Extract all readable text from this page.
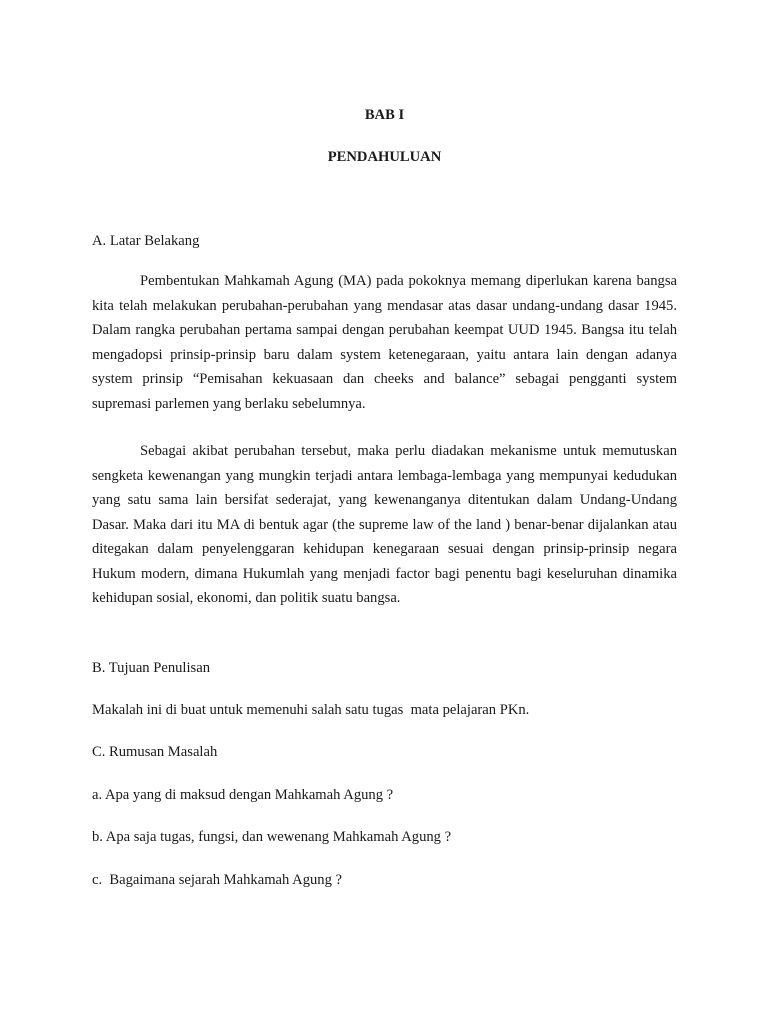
BAB I

PENDAHULUAN

A. Latar Belakang

Pembentukan Mahkamah Agung (MA) pada pokoknya memang diperlukan karena bangsa kita telah melakukan perubahan-perubahan yang mendasar atas dasar undang-undang dasar 1945. Dalam rangka perubahan pertama sampai dengan perubahan keempat UUD 1945. Bangsa itu telah mengadopsi prinsip-prinsip baru dalam system ketenegaraan, yaitu antara lain dengan adanya system prinsip “Pemisahan kekuasaan dan cheeks and balance” sebagai pengganti system supremasi parlemen yang berlaku sebelumnya.

Sebagai akibat perubahan tersebut, maka perlu diadakan mekanisme untuk memutuskan sengketa kewenangan yang mungkin terjadi antara lembaga-lembaga yang mempunyai kedudukan yang satu sama lain bersifat sederajat, yang kewenanganya ditentukan dalam Undang-Undang Dasar. Maka dari itu MA di bentuk agar (the supreme law of the land ) benar-benar dijalankan atau ditegakan dalam penyelenggaran kehidupan kenegaraan sesuai dengan prinsip-prinsip negara Hukum modern, dimana Hukumlah yang menjadi factor bagi penentu bagi keseluruhan dinamika kehidupan sosial, ekonomi, dan politik suatu bangsa.

B. Tujuan Penulisan

Makalah ini di buat untuk memenuhi salah satu tugas  mata pelajaran PKn.

C. Rumusan Masalah

a. Apa yang di maksud dengan Mahkamah Agung ?

b. Apa saja tugas, fungsi, dan wewenang Mahkamah Agung ?

c.  Bagaimana sejarah Mahkamah Agung ?
